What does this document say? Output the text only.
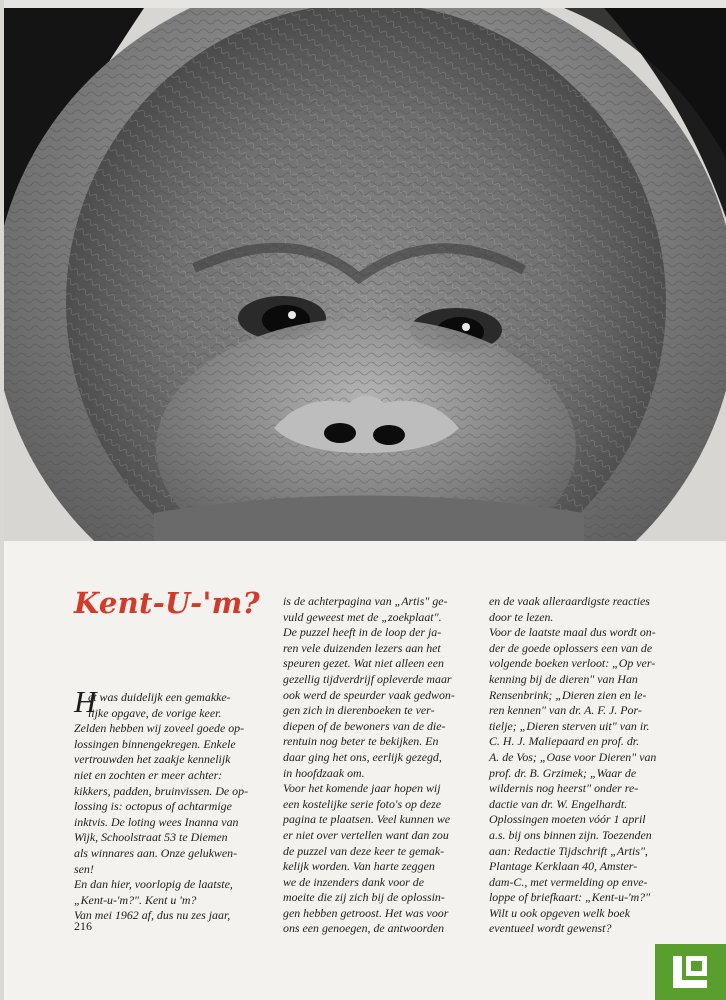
Kent-U-'m?
H
et was duidelijk een gemakke-
lijke opgave, de vorige keer.
Zelden hebben wij zoveel goede op-
lossingen binnengekregen. Enkele
vertrouwden het zaakje kennelijk
niet en zochten er meer achter:
kikkers, padden, bruinvissen. De op-
lossing is: octopus of achtarmige
inktvis. De loting wees Inanna van
Wijk, Schoolstraat 53 te Diemen
als winnares aan. Onze gelukwen-
sen!
En dan hier, voorlopig de laatste,
„Kent-u-'m?". Kent u 'm?
Van mei 1962 af, dus nu zes jaar,
is de achterpagina van „Artis" ge-
vuld geweest met de „zoekplaat".
De puzzel heeft in de loop der ja-
ren vele duizenden lezers aan het
speuren gezet. Wat niet alleen een
gezellig tijdverdrijf opleverde maar
ook werd de speurder vaak gedwon-
gen zich in dierenboeken te ver-
diepen of de bewoners van de die-
rentuin nog beter te bekijken. En
daar ging het ons, eerlijk gezegd,
in hoofdzaak om.
Voor het komende jaar hopen wij
een kostelijke serie foto's op deze
pagina te plaatsen. Veel kunnen we
er niet over vertellen want dan zou
de puzzel van deze keer te gemak-
kelijk worden. Van harte zeggen
we de inzenders dank voor de
moeite die zij zich bij de oplossin-
gen hebben getroost. Het was voor
ons een genoegen, de antwoorden
en de vaak alleraardigste reacties
door te lezen.
Voor de laatste maal dus wordt on-
der de goede oplossers een van de
volgende boeken verloot: „Op ver-
kenning bij de dieren" van Han
Rensenbrink; „Dieren zien en le-
ren kennen" van dr. A. F. J. Por-
tielje; „Dieren sterven uit" van ir.
C. H. J. Maliepaard en prof. dr.
A. de Vos; „Oase voor Dieren" van
prof. dr. B. Grzimek; „Waar de
wildernis nog heerst" onder re-
dactie van dr. W. Engelhardt.
Oplossingen moeten vóór 1 april
a.s. bij ons binnen zijn. Toezenden
aan: Redactie Tijdschrift „Artis",
Plantage Kerklaan 40, Amster-
dam-C., met vermelding op enve-
loppe of briefkaart: „Kent-u-'m?"
Wilt u ook opgeven welk boek
eventueel wordt gewenst?

216
